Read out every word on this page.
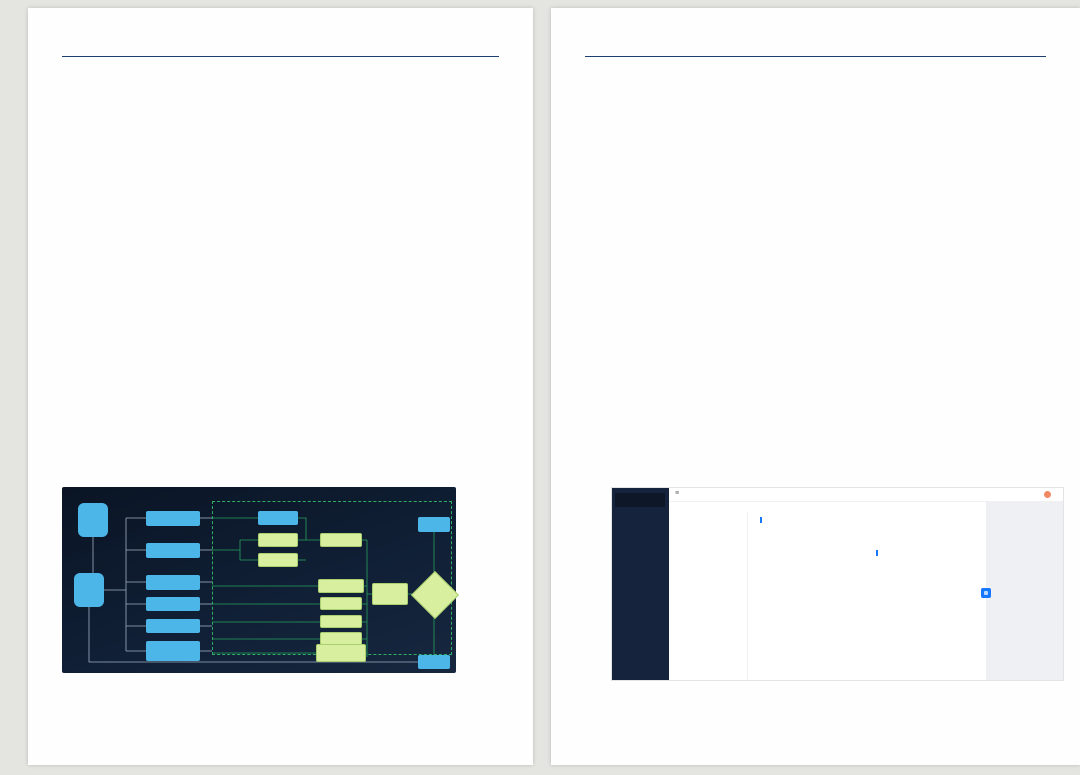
≡
